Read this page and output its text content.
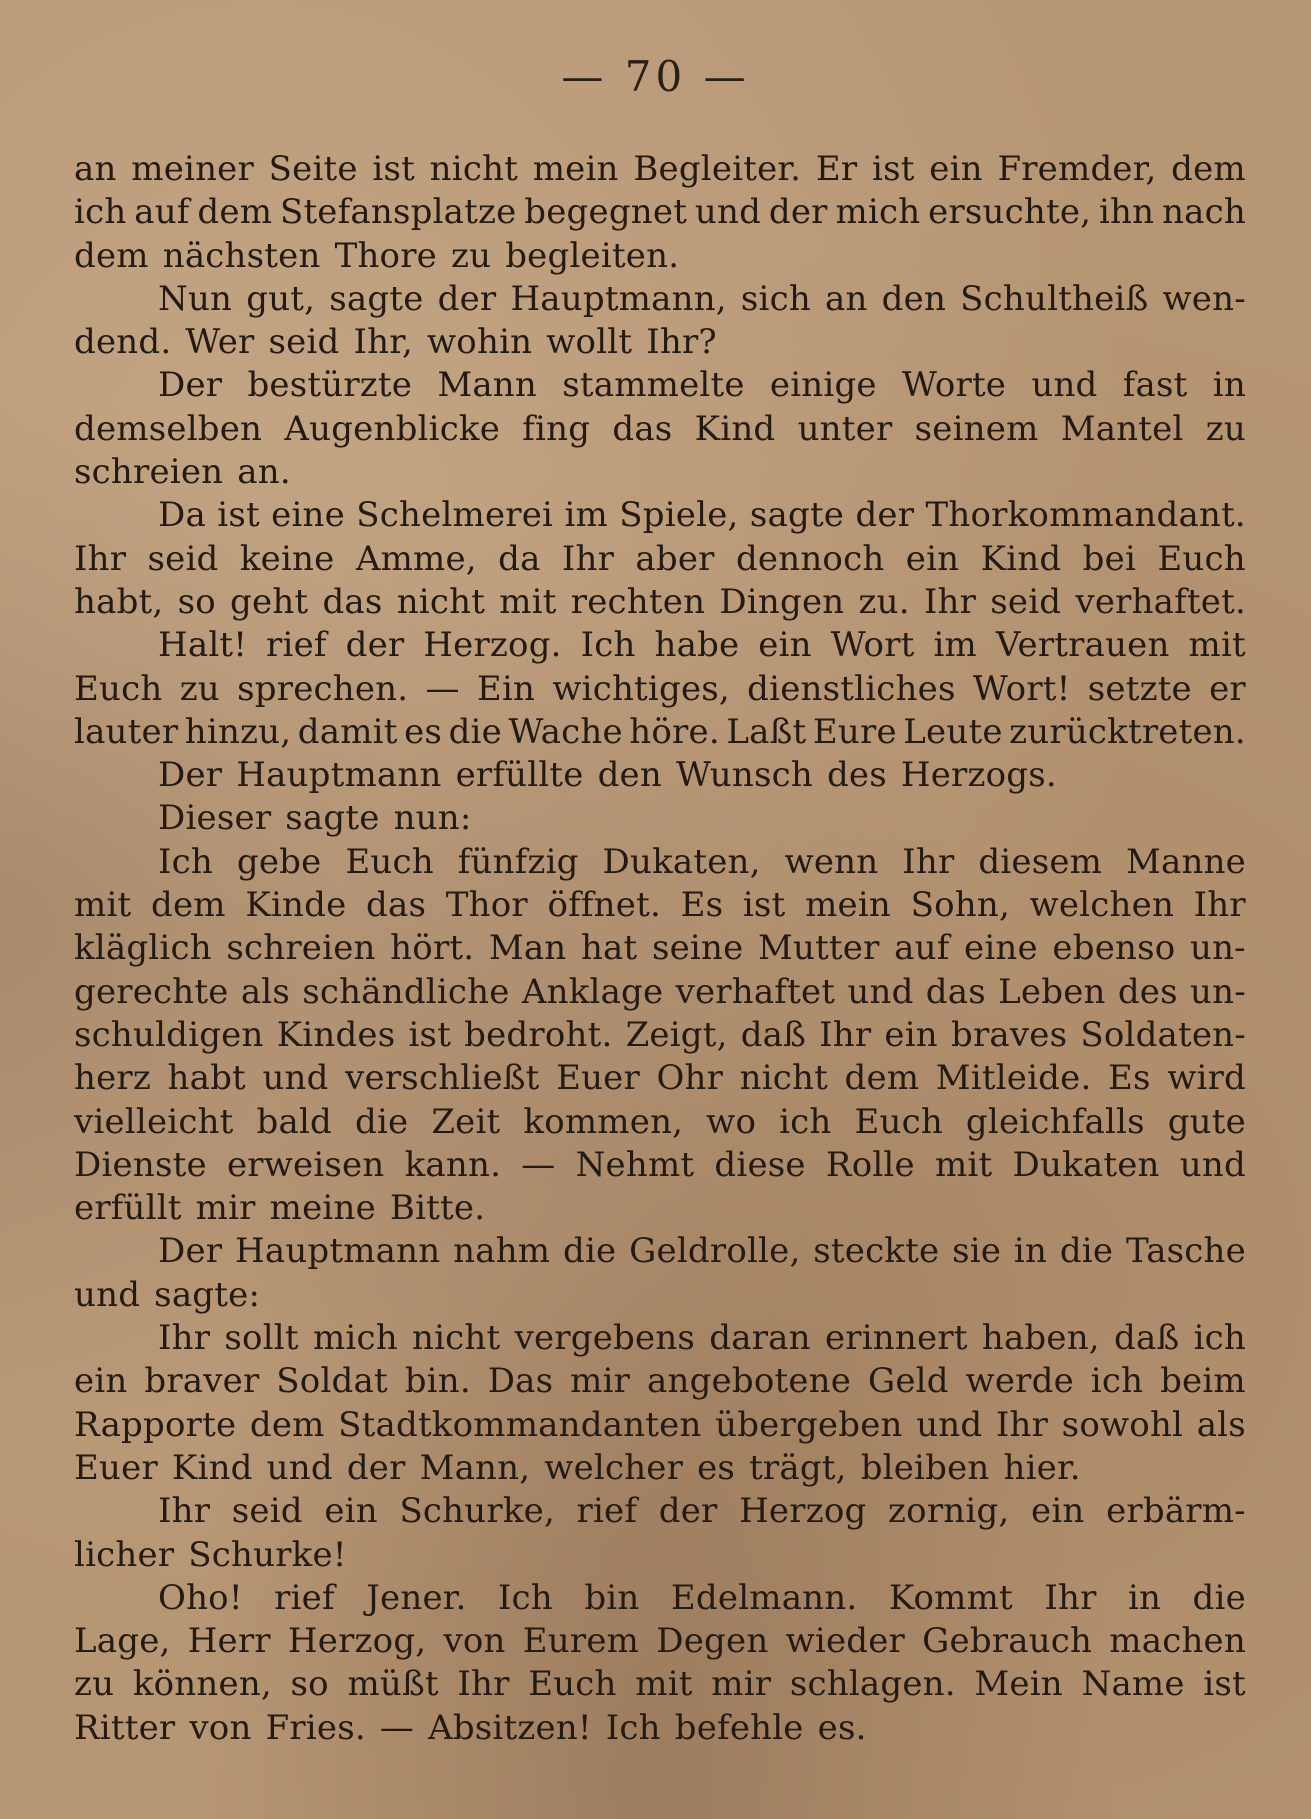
— 70 —
an meiner Seite ist nicht mein Begleiter. Er ist ein Fremder, dem
ich auf dem Stefansplatze begegnet und der mich ersuchte, ihn nach
dem nächsten Thore zu begleiten.
Nun gut, sagte der Hauptmann, sich an den Schultheiß wen-
dend. Wer seid Ihr, wohin wollt Ihr?
Der bestürzte Mann stammelte einige Worte und fast in
demselben Augenblicke fing das Kind unter seinem Mantel zu
schreien an.
Da ist eine Schelmerei im Spiele, sagte der Thorkommandant.
Ihr seid keine Amme, da Ihr aber dennoch ein Kind bei Euch
habt, so geht das nicht mit rechten Dingen zu. Ihr seid verhaftet.
Halt! rief der Herzog. Ich habe ein Wort im Vertrauen mit
Euch zu sprechen. — Ein wichtiges, dienstliches Wort! setzte er
lauter hinzu, damit es die Wache höre. Laßt Eure Leute zurücktreten.
Der Hauptmann erfüllte den Wunsch des Herzogs.
Dieser sagte nun:
Ich gebe Euch fünfzig Dukaten, wenn Ihr diesem Manne
mit dem Kinde das Thor öffnet. Es ist mein Sohn, welchen Ihr
kläglich schreien hört. Man hat seine Mutter auf eine ebenso un-
gerechte als schändliche Anklage verhaftet und das Leben des un-
schuldigen Kindes ist bedroht. Zeigt, daß Ihr ein braves Soldaten-
herz habt und verschließt Euer Ohr nicht dem Mitleide. Es wird
vielleicht bald die Zeit kommen, wo ich Euch gleichfalls gute
Dienste erweisen kann. — Nehmt diese Rolle mit Dukaten und
erfüllt mir meine Bitte.
Der Hauptmann nahm die Geldrolle, steckte sie in die Tasche
und sagte:
Ihr sollt mich nicht vergebens daran erinnert haben, daß ich
ein braver Soldat bin. Das mir angebotene Geld werde ich beim
Rapporte dem Stadtkommandanten übergeben und Ihr sowohl als
Euer Kind und der Mann, welcher es trägt, bleiben hier.
Ihr seid ein Schurke, rief der Herzog zornig, ein erbärm-
licher Schurke!
Oho! rief Jener. Ich bin Edelmann. Kommt Ihr in die
Lage, Herr Herzog, von Eurem Degen wieder Gebrauch machen
zu können, so müßt Ihr Euch mit mir schlagen. Mein Name ist
Ritter von Fries. — Absitzen! Ich befehle es.
